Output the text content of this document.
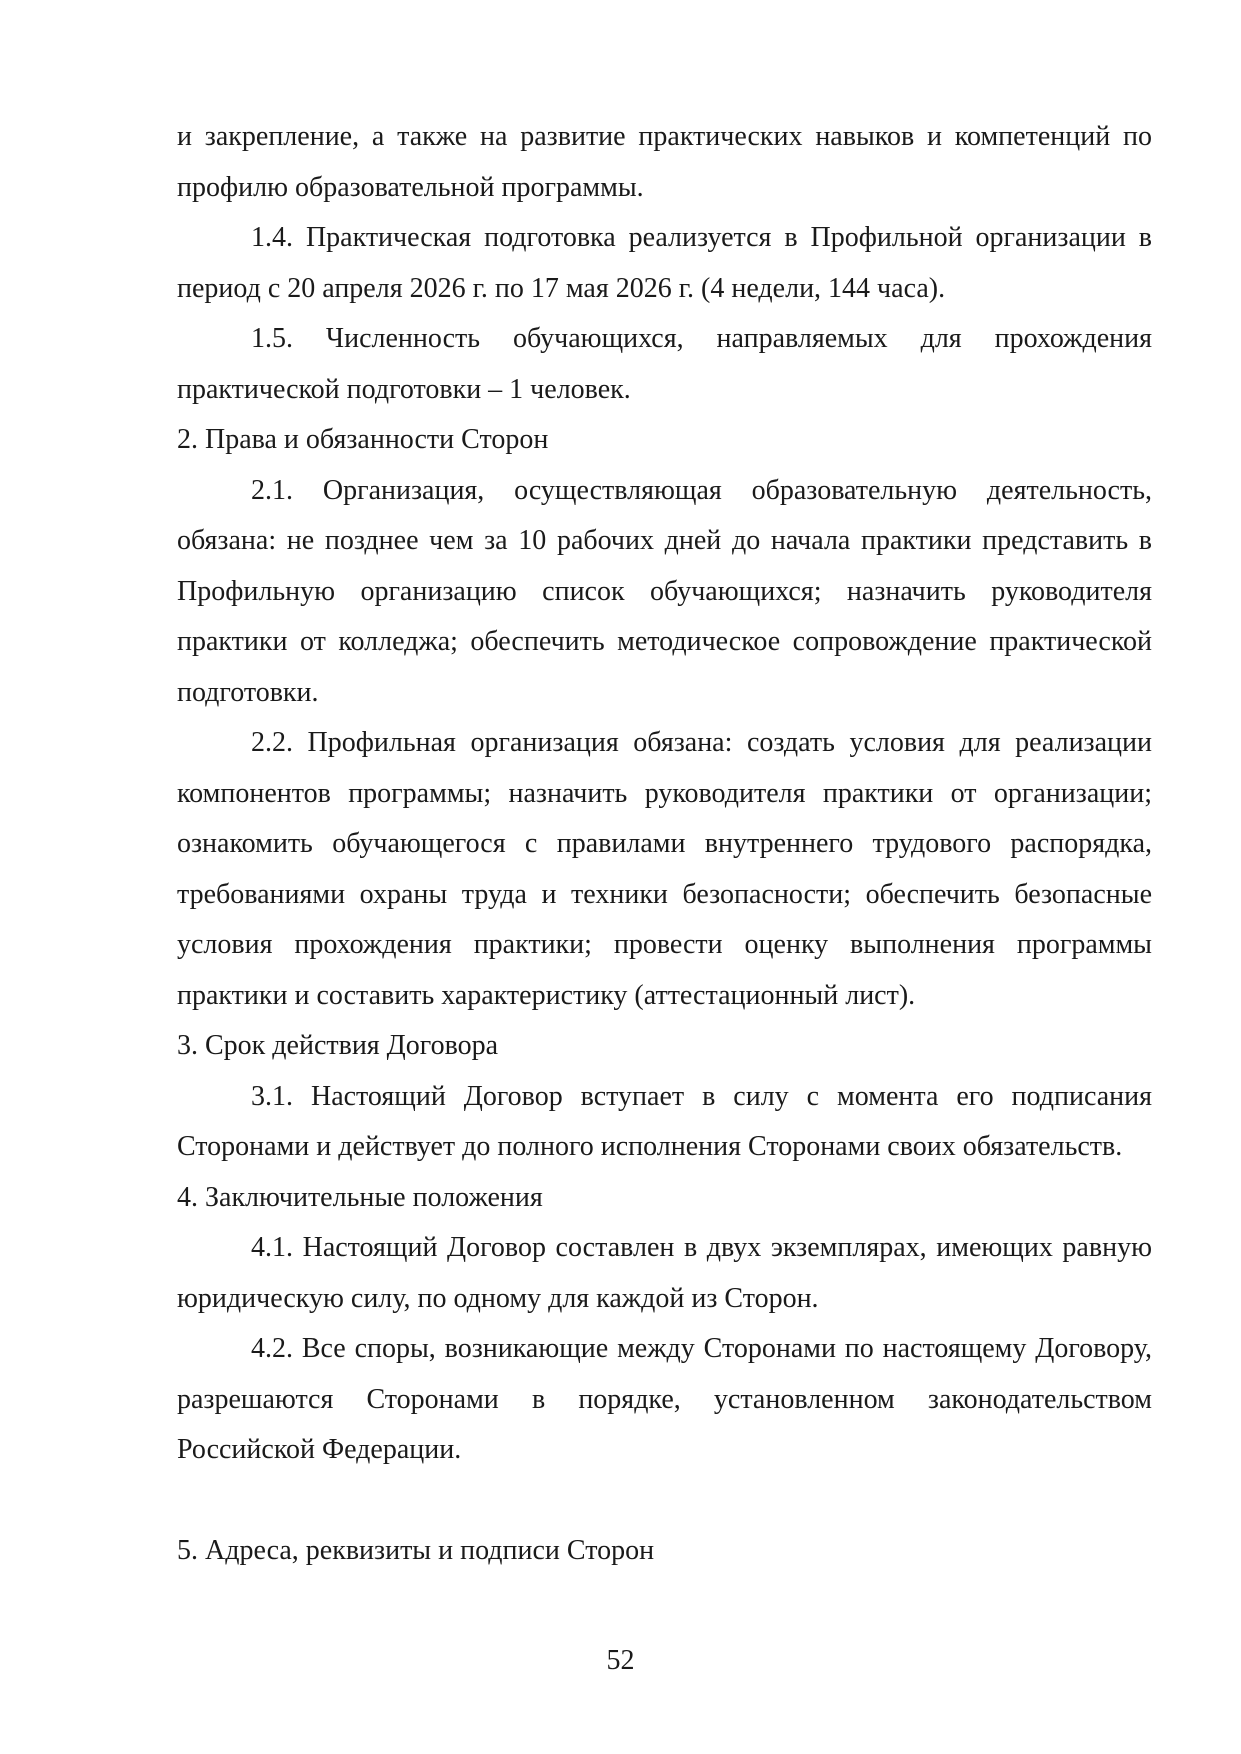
и закрепление, а также на развитие практических навыков и компетенций по профилю образовательной программы.

1.4. Практическая подготовка реализуется в Профильной организации в период с 20 апреля 2026 г. по 17 мая 2026 г. (4 недели, 144 часа).

1.5. Численность обучающихся, направляемых для прохождения практической подготовки – 1 человек.

2. Права и обязанности Сторон

2.1. Организация, осуществляющая образовательную деятельность, обязана: не позднее чем за 10 рабочих дней до начала практики представить в Профильную организацию список обучающихся; назначить руководителя практики от колледжа; обеспечить методическое сопровождение практической подготовки.

2.2. Профильная организация обязана: создать условия для реализации компонентов программы; назначить руководителя практики от организации; ознакомить обучающегося с правилами внутреннего трудового распорядка, требованиями охраны труда и техники безопасности; обеспечить безопасные условия прохождения практики; провести оценку выполнения программы практики и составить характеристику (аттестационный лист).

3. Срок действия Договора

3.1. Настоящий Договор вступает в силу с момента его подписания Сторонами и действует до полного исполнения Сторонами своих обязательств.

4. Заключительные положения

4.1. Настоящий Договор составлен в двух экземплярах, имеющих равную юридическую силу, по одному для каждой из Сторон.

4.2. Все споры, возникающие между Сторонами по настоящему Договору, разрешаются Сторонами в порядке, установленном законодательством Российской Федерации.

5. Адреса, реквизиты и подписи Сторон

52
